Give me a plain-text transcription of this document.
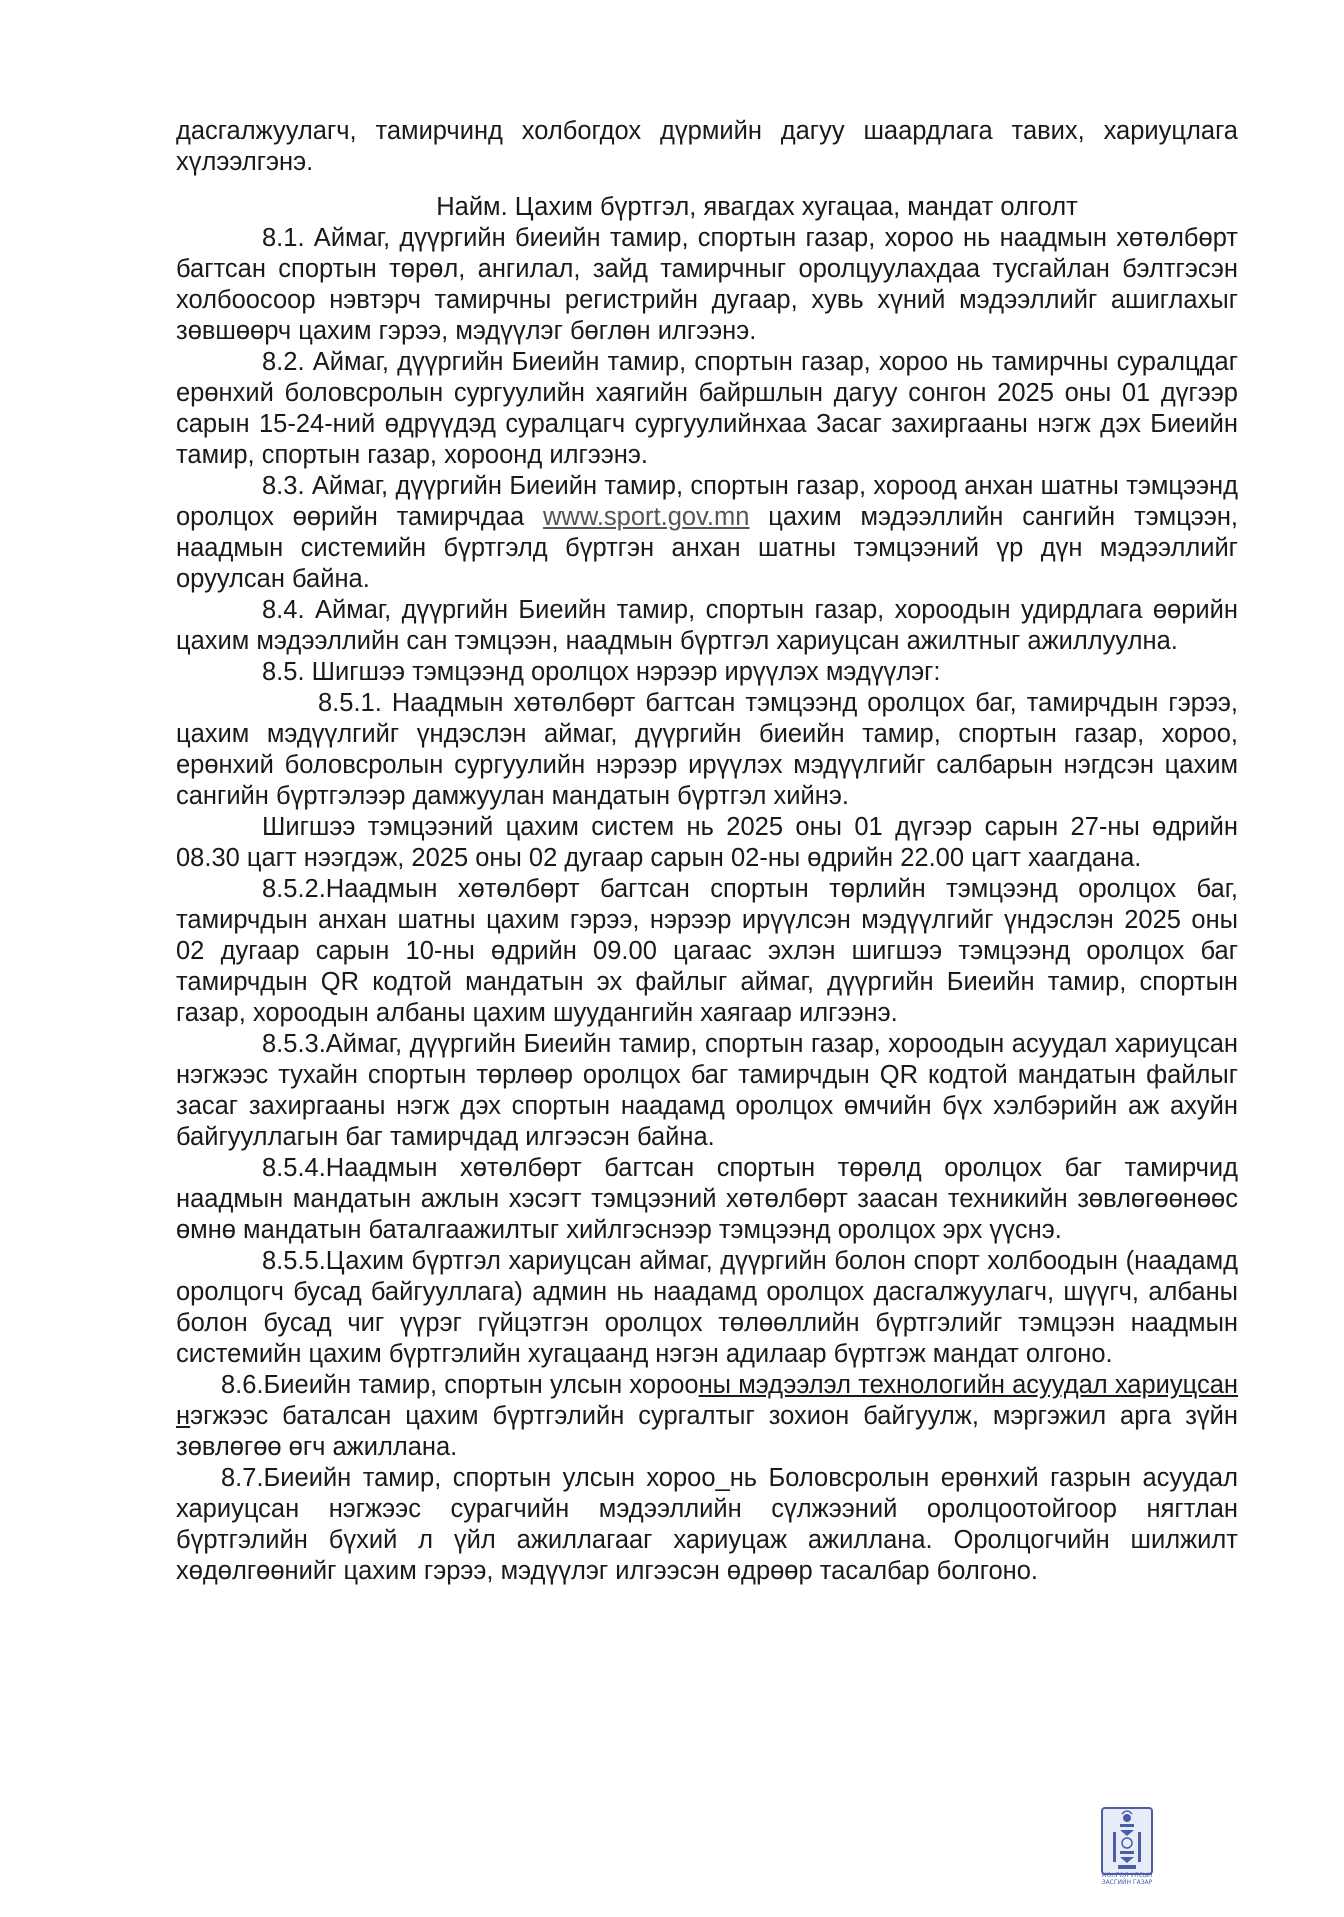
дасгалжуулагч, тамирчинд холбогдох дүрмийн дагуу шаардлага тавих, хариуцлага хүлээлгэнэ.

Найм. Цахим бүртгэл, явагдах хугацаа, мандат олголт

8.1. Аймаг, дүүргийн биеийн тамир, спортын газар, хороо нь наадмын хөтөлбөрт багтсан спортын төрөл, ангилал, зайд тамирчныг оролцуулахдаа тусгайлан бэлтгэсэн холбоосоор нэвтэрч тамирчны регистрийн дугаар, хувь хүний мэдээллийг ашиглахыг зөвшөөрч цахим гэрээ, мэдүүлэг бөглөн илгээнэ.

8.2. Аймаг, дүүргийн Биеийн тамир, спортын газар, хороо нь тамирчны суралцдаг ерөнхий боловсролын сургуулийн хаягийн байршлын дагуу сонгон 2025 оны 01 дүгээр сарын 15-24-ний өдрүүдэд суралцагч сургуулийнхаа Засаг захиргааны нэгж дэх Биеийн тамир, спортын газар, хороонд илгээнэ.

8.3. Аймаг, дүүргийн Биеийн тамир, спортын газар, хороод анхан шатны тэмцээнд оролцох өөрийн тамирчдаа www.sport.gov.mn цахим мэдээллийн сангийн тэмцээн, наадмын системийн бүртгэлд бүртгэн анхан шатны тэмцээний үр дүн мэдээллийг оруулсан байна.

8.4. Аймаг, дүүргийн Биеийн тамир, спортын газар, хороодын удирдлага өөрийн цахим мэдээллийн сан тэмцээн, наадмын бүртгэл хариуцсан ажилтныг ажиллуулна.

8.5. Шигшээ тэмцээнд оролцох нэрээр ирүүлэх мэдүүлэг:

8.5.1. Наадмын хөтөлбөрт багтсан тэмцээнд оролцох баг, тамирчдын гэрээ, цахим мэдүүлгийг үндэслэн аймаг, дүүргийн биеийн тамир, спортын газар, хороо, ерөнхий боловсролын сургуулийн нэрээр ирүүлэх мэдүүлгийг салбарын нэгдсэн цахим сангийн бүртгэлээр дамжуулан мандатын бүртгэл хийнэ.

Шигшээ тэмцээний цахим систем нь 2025 оны 01 дүгээр сарын 27-ны өдрийн 08.30 цагт нээгдэж, 2025 оны 02 дугаар сарын 02-ны өдрийн 22.00 цагт хаагдана.

8.5.2.Наадмын хөтөлбөрт багтсан спортын төрлийн тэмцээнд оролцох баг, тамирчдын анхан шатны цахим гэрээ, нэрээр ирүүлсэн мэдүүлгийг үндэслэн 2025 оны 02 дугаар сарын 10-ны өдрийн 09.00 цагаас эхлэн шигшээ тэмцээнд оролцох баг тамирчдын QR кодтой мандатын эх файлыг аймаг, дүүргийн Биеийн тамир, спортын газар, хороодын албаны цахим шуудангийн хаягаар илгээнэ.

8.5.3.Аймаг, дүүргийн Биеийн тамир, спортын газар, хороодын асуудал хариуцсан нэгжээс тухайн спортын төрлөөр оролцох баг тамирчдын QR кодтой мандатын файлыг засаг захиргааны нэгж дэх спортын наадамд оролцох өмчийн бүх хэлбэрийн аж ахуйн байгууллагын баг тамирчдад илгээсэн байна.

8.5.4.Наадмын хөтөлбөрт багтсан спортын төрөлд оролцох баг тамирчид наадмын мандатын ажлын хэсэгт тэмцээний хөтөлбөрт заасан техникийн зөвлөгөөнөөс өмнө мандатын баталгаажилтыг хийлгэснээр тэмцээнд оролцох эрх үүснэ.

8.5.5.Цахим бүртгэл хариуцсан аймаг, дүүргийн болон спорт холбоодын (наадамд оролцогч бусад байгууллага) админ нь наадамд оролцох дасгалжуулагч, шүүгч, албаны болон бусад чиг үүрэг гүйцэтгэн оролцох төлөөллийн бүртгэлийг тэмцээн наадмын системийн цахим бүртгэлийн хугацаанд нэгэн адилаар бүртгэж мандат олгоно.

8.6.Биеийн тамир, спортын улсын хорооны мэдээлэл технологийн асуудал хариуцсан нэгжээс баталсан цахим бүртгэлийн сургалтыг зохион байгуулж, мэргэжил арга зүйн зөвлөгөө өгч ажиллана.

8.7.Биеийн тамир, спортын улсын хороо_нь Боловсролын ерөнхий газрын асуудал хариуцсан нэгжээс сурагчийн мэдээллийн сүлжээний оролцоотойгоор нягтлан бүртгэлийн бүхий л үйл ажиллагааг хариуцаж ажиллана. Оролцогчийн шилжилт хөдөлгөөнийг цахим гэрээ, мэдүүлэг илгээсэн өдрөөр тасалбар болгоно.

МОНГОЛ УЛСЫН ЗАСГИЙН ГАЗАР
